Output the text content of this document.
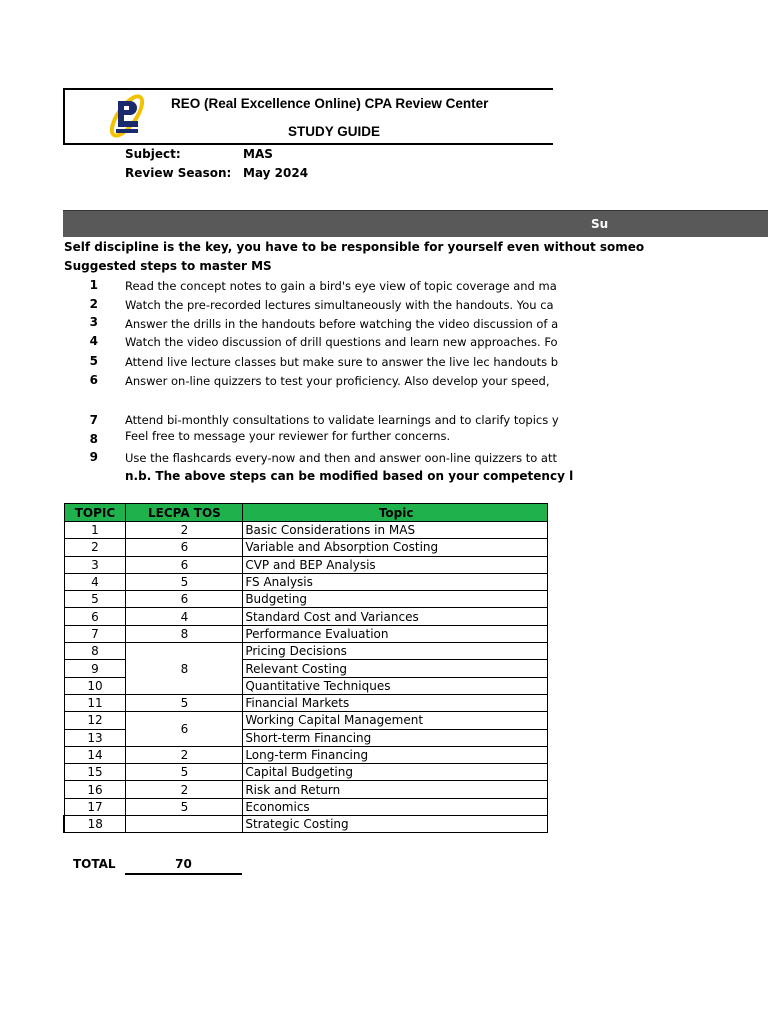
REO (Real Excellence Online) CPA Review Center
STUDY GUIDE
Subject:	MAS
Review Season: May 2024
Su
Self discipline is the key, you have to be responsible for yourself even without someo
Suggested steps to master MS
1 Read the concept notes to gain a bird's eye view of topic coverage and ma
2 Watch the pre-recorded lectures simultaneously with the handouts. You ca
3 Answer the drills in the handouts before watching the video discussion of a
4 Watch the video discussion of drill questions and learn new approaches. Fo
5 Attend live lecture classes but make sure to answer the live lec handouts b
6 Answer on-line quizzers to test your proficiency. Also develop your speed,
7 Attend bi-monthly consultations to validate learnings and to clarify topics y
8 Feel free to message your reviewer for further concerns.
9 Use the flashcards every-now and then and answer oon-line quizzers to att
n.b. The above steps can be modified based on your competency l
TOPIC	LECPA TOS	Topic
1	2	Basic Considerations in MAS
2	6	Variable and Absorption Costing
3	6	CVP and BEP Analysis
4	5	FS Analysis
5	6	Budgeting
6	4	Standard Cost and Variances
7	8	Performance Evaluation
8	8	Pricing Decisions
9		Relevant Costing
10		Quantitative Techniques
11	5	Financial Markets
12	6	Working Capital Management
13		Short-term Financing
14	2	Long-term Financing
15	5	Capital Budgeting
16	2	Risk and Return
17	5	Economics
18		Strategic Costing
TOTAL	70
